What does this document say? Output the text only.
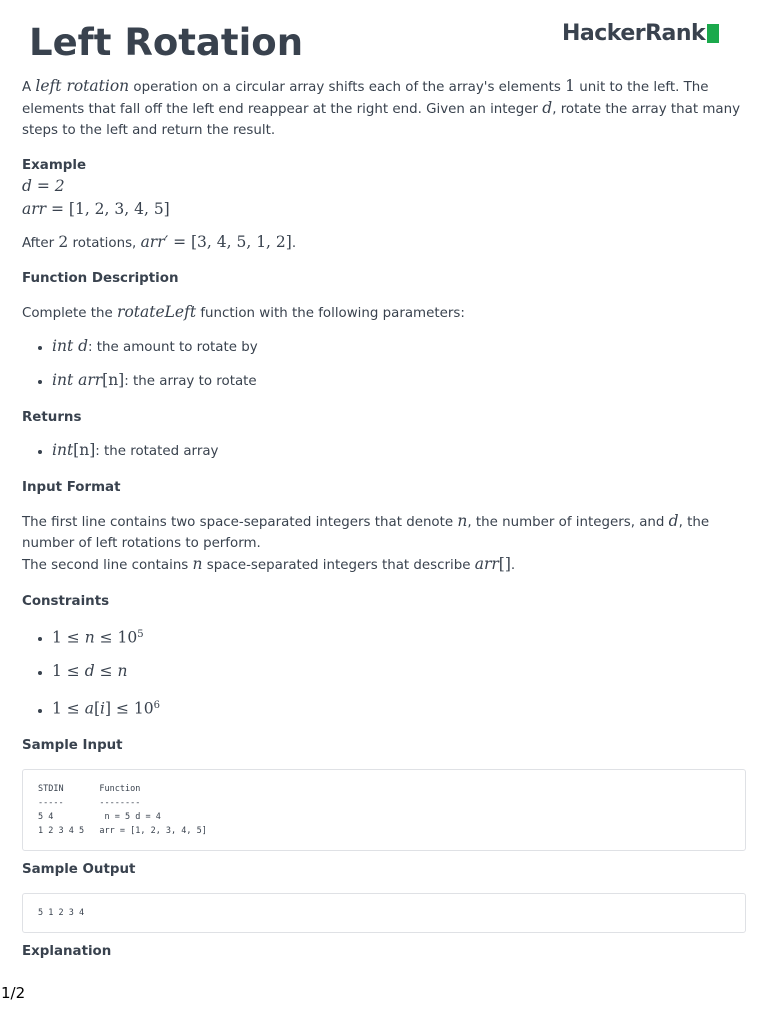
Left Rotation	HackerRank

A left rotation operation on a circular array shifts each of the array's elements 1 unit to the left. The elements that fall off the left end reappear at the right end. Given an integer d, rotate the array that many steps to the left and return the result.

Example

d = 2

arr = [1, 2, 3, 4, 5]

After 2 rotations, arr′ = [3, 4, 5, 1, 2].

Function Description

Complete the rotateLeft function with the following parameters:

• int d: the amount to rotate by
• int arr[n]: the array to rotate

Returns

• int[n]: the rotated array

Input Format

The first line contains two space-separated integers that denote n, the number of integers, and d, the number of left rotations to perform.

The second line contains n space-separated integers that describe arr[].

Constraints

• $1 \le n \le 10^5$
• 1 ≤ d ≤ n
• $1 \le a[i] \le 10^6$

Sample Input

STDIN       Function
-----       --------
5 4          n = 5 d = 4
1 2 3 4 5   arr = [1, 2, 3, 4, 5]

Sample Output

5 1 2 3 4

Explanation

1/2
